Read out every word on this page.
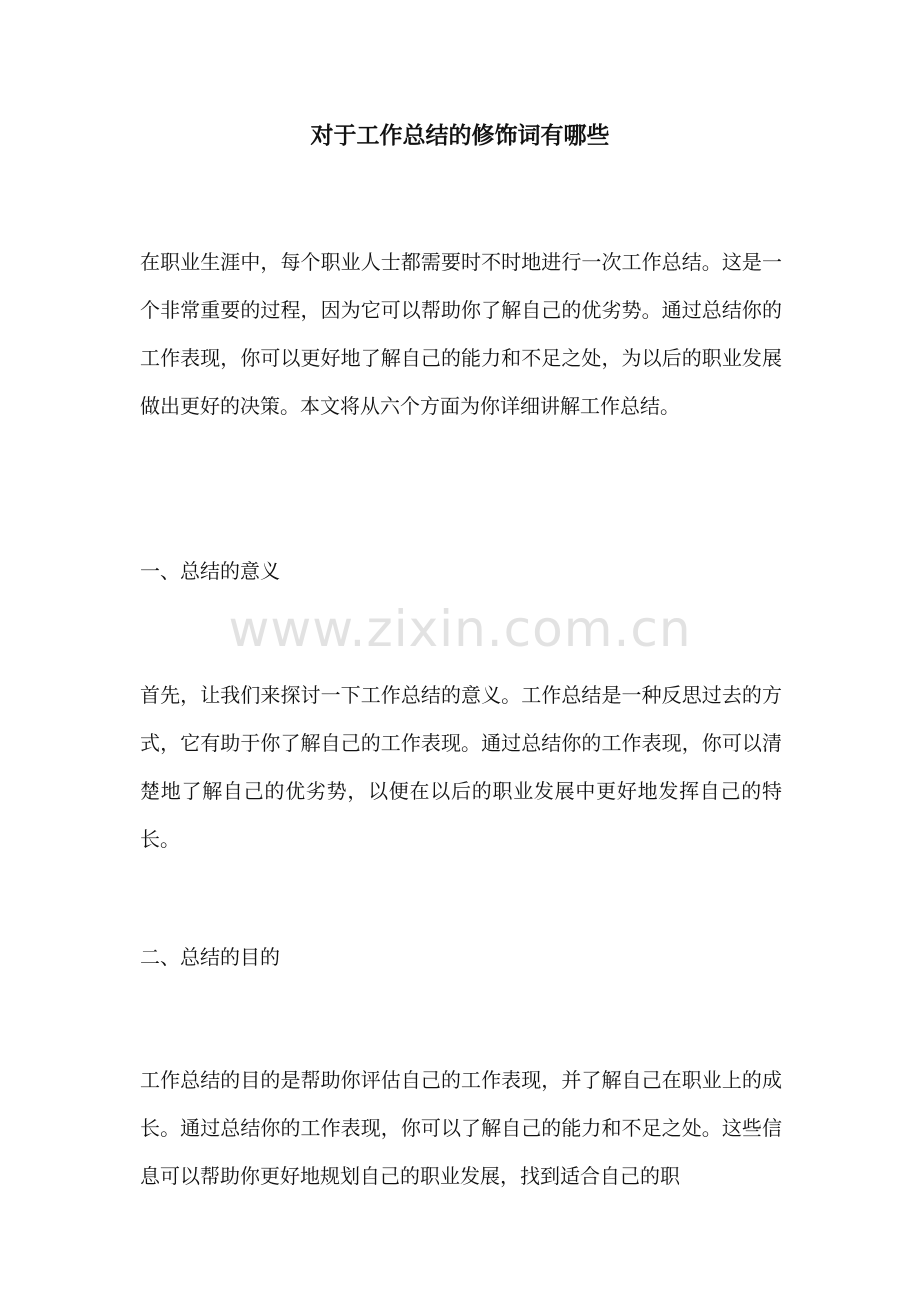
对于工作总结的修饰词有哪些
在职业生涯中，每个职业人士都需要时不时地进行一次工作总结。这是一个非常重要的过程，因为它可以帮助你了解自己的优劣势。通过总结你的工作表现，你可以更好地了解自己的能力和不足之处，为以后的职业发展做出更好的决策。本文将从六个方面为你详细讲解工作总结。
一、总结的意义
www.zixin.com.cn
首先，让我们来探讨一下工作总结的意义。工作总结是一种反思过去的方式，它有助于你了解自己的工作表现。通过总结你的工作表现，你可以清楚地了解自己的优劣势，以便在以后的职业发展中更好地发挥自己的特长。
二、总结的目的
工作总结的目的是帮助你评估自己的工作表现，并了解自己在职业上的成长。通过总结你的工作表现，你可以了解自己的能力和不足之处。这些信息可以帮助你更好地规划自己的职业发展，找到适合自己的职
